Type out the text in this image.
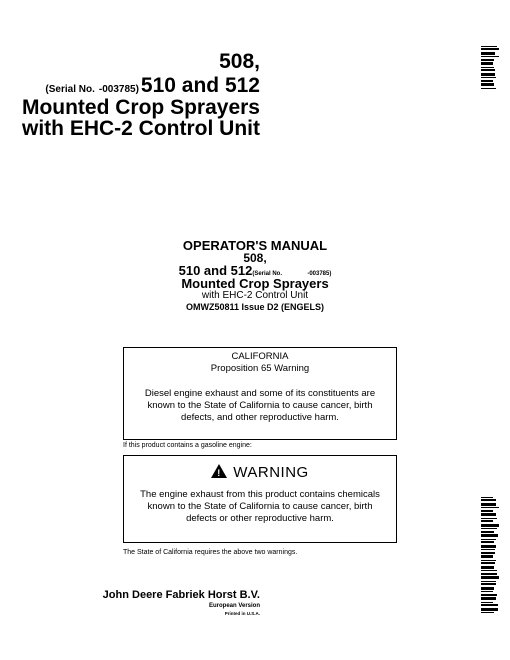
508,
(Serial No. -003785)510 and 512
Mounted Crop Sprayers
with EHC-2 Control Unit
OPERATOR'S MANUAL
508,
510 and 512(Serial No.	-003785)
Mounted Crop Sprayers
with EHC-2 Control Unit
OMWZ50811 Issue D2 (ENGELS)
CALIFORNIA
Proposition 65 Warning
Diesel engine exhaust and some of its constituents are known to the State of California to cause cancer, birth defects, and other reproductive harm.
If this product contains a gasoline engine:
! WARNING
The engine exhaust from this product contains chemicals known to the State of California to cause cancer, birth defects or other reproductive harm.
The State of California requires the above two warnings.
John Deere Fabriek Horst B.V.
European Version
Printed in U.S.A.
